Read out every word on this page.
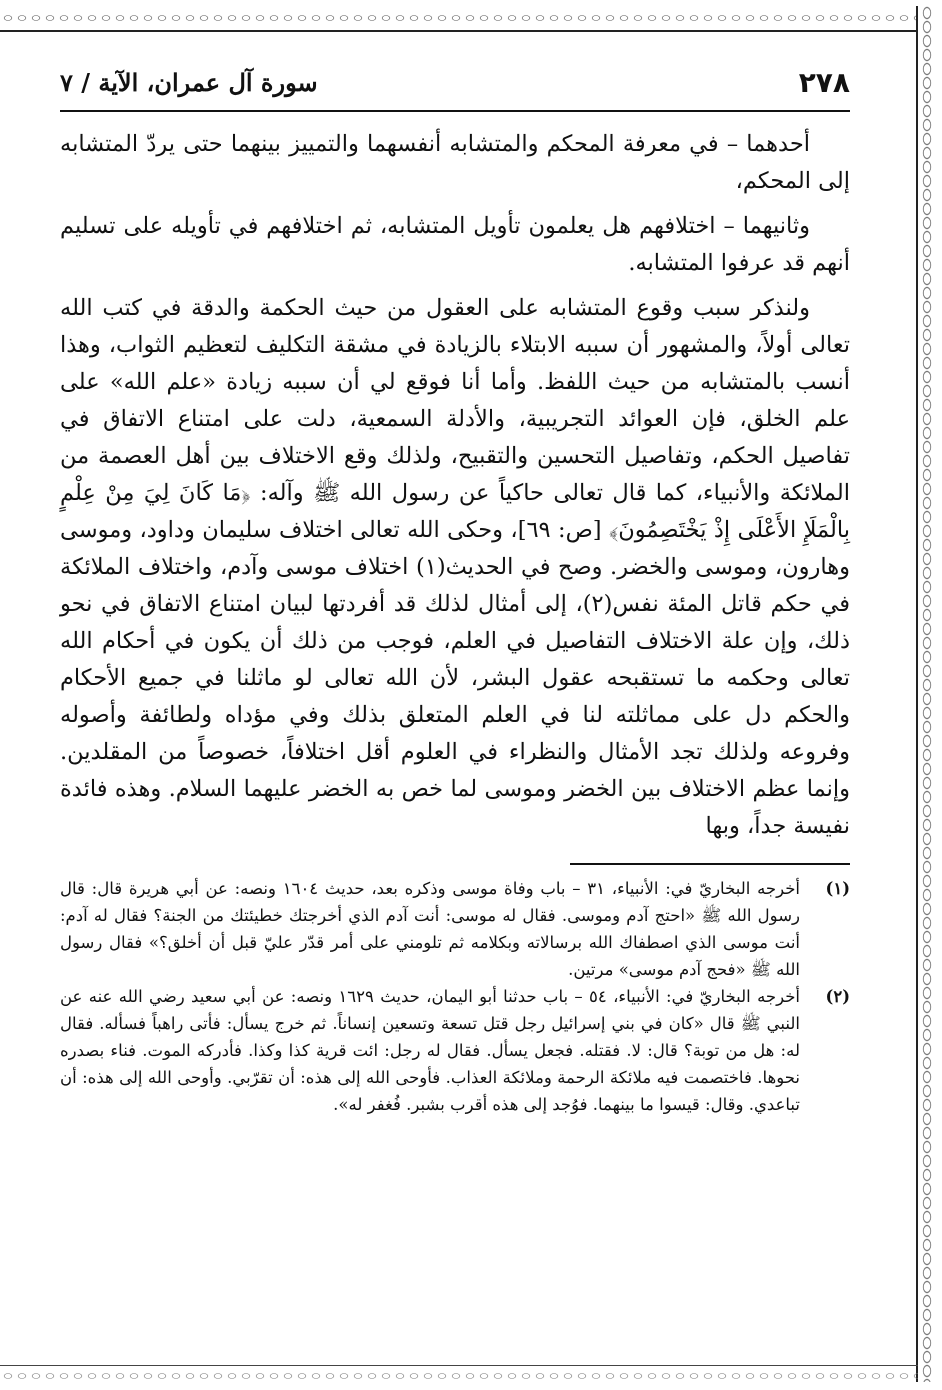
٢٧٨
سورة آل عمران، الآية / ٧

أحدهما – في معرفة المحكم والمتشابه أنفسهما والتمييز بينهما حتى يردّ المتشابه إلى المحكم،

وثانيهما – اختلافهم هل يعلمون تأويل المتشابه، ثم اختلافهم في تأويله على تسليم أنهم قد عرفوا المتشابه.

ولنذكر سبب وقوع المتشابه على العقول من حيث الحكمة والدقة في كتب الله تعالى أولاً، والمشهور أن سببه الابتلاء بالزيادة في مشقة التكليف لتعظيم الثواب، وهذا أنسب بالمتشابه من حيث اللفظ. وأما أنا فوقع لي أن سببه زيادة «علم الله» على علم الخلق، فإن العوائد التجريبية، والأدلة السمعية، دلت على امتناع الاتفاق في تفاصيل الحكم، وتفاصيل التحسين والتقبيح، ولذلك وقع الاختلاف بين أهل العصمة من الملائكة والأنبياء، كما قال تعالى حاكياً عن رسول الله ﷺ وآله: ﴿مَا كَانَ لِيَ مِنْ عِلْمٍ بِالْمَلَإِ الأَعْلَى إِذْ يَخْتَصِمُونَ﴾ [ص: ٦٩]، وحكى الله تعالى اختلاف سليمان وداود، وموسى وهارون، وموسى والخضر. وصح في الحديث(١) اختلاف موسى وآدم، واختلاف الملائكة في حكم قاتل المئة نفس(٢)، إلى أمثال لذلك قد أفردتها لبيان امتناع الاتفاق في نحو ذلك، وإن علة الاختلاف التفاصيل في العلم، فوجب من ذلك أن يكون في أحكام الله تعالى وحكمه ما تستقبحه عقول البشر، لأن الله تعالى لو ماثلنا في جميع الأحكام والحكم دل على مماثلته لنا في العلم المتعلق بذلك وفي مؤداه ولطائفة وأصوله وفروعه ولذلك تجد الأمثال والنظراء في العلوم أقل اختلافاً، خصوصاً من المقلدين. وإنما عظم الاختلاف بين الخضر وموسى لما خص به الخضر عليهما السلام. وهذه فائدة نفيسة جداً، وبها

(١)
أخرجه البخاريّ في: الأنبياء، ٣١ – باب وفاة موسى وذكره بعد، حديث ١٦٠٤ ونصه: عن أبي هريرة قال: قال رسول الله ﷺ «احتج آدم وموسى. فقال له موسى: أنت آدم الذي أخرجتك خطيئتك من الجنة؟ فقال له آدم: أنت موسى الذي اصطفاك الله برسالاته وبكلامه ثم تلومني على أمر قدّر عليّ قبل أن أخلق؟» فقال رسول الله ﷺ «فحج آدم موسى» مرتين.
(٢)
أخرجه البخاريّ في: الأنبياء، ٥٤ – باب حدثنا أبو اليمان، حديث ١٦٢٩ ونصه: عن أبي سعيد رضي الله عنه عن النبي ﷺ قال «كان في بني إسرائيل رجل قتل تسعة وتسعين إنساناً. ثم خرج يسأل: فأتى راهباً فسأله. فقال له: هل من توبة؟ قال: لا. فقتله. فجعل يسأل. فقال له رجل: ائت قرية كذا وكذا. فأدركه الموت. فناء بصدره نحوها. فاختصمت فيه ملائكة الرحمة وملائكة العذاب. فأوحى الله إلى هذه: أن تقرّبي. وأوحى الله إلى هذه: أن تباعدي. وقال: قيسوا ما بينهما. فوُجد إلى هذه أقرب بشبر. فُغفر له».
